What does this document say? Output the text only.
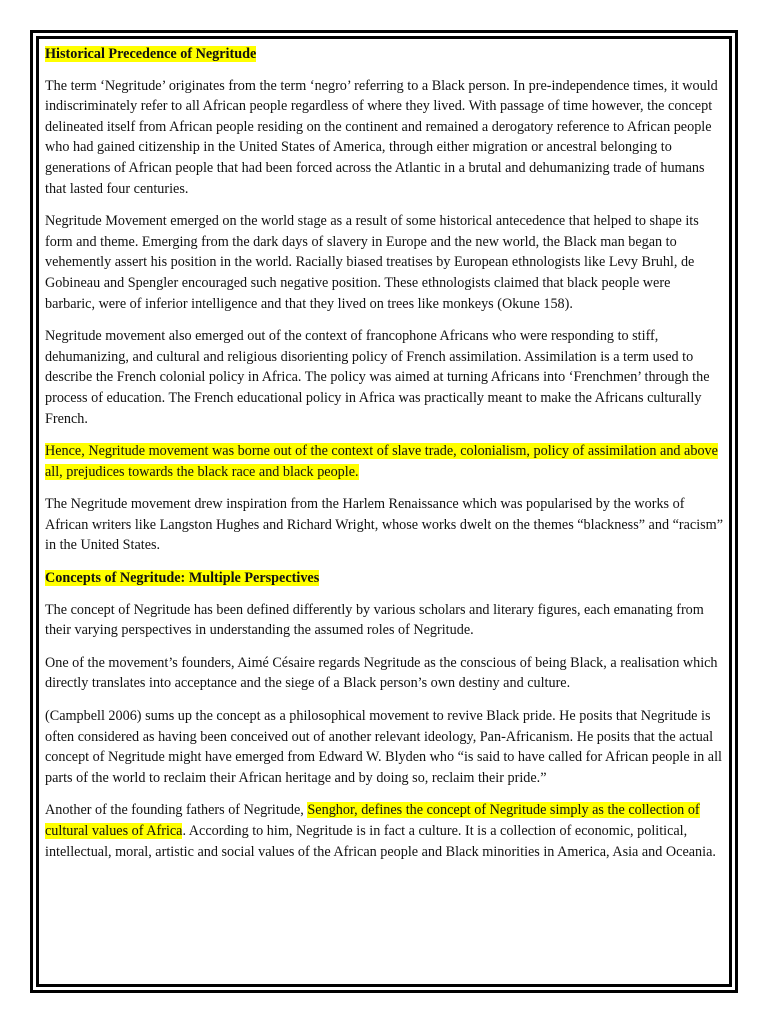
Historical Precedence of Negritude

The term ‘Negritude’ originates from the term ‘negro’ referring to a Black person. In pre-independence times, it would indiscriminately refer to all African people regardless of where they lived. With passage of time however, the concept delineated itself from African people residing on the continent and remained a derogatory reference to African people who had gained citizenship in the United States of America, through either migration or ancestral belonging to generations of African people that had been forced across the Atlantic in a brutal and dehumanizing trade of humans that lasted four centuries.

Negritude Movement emerged on the world stage as a result of some historical antecedence that helped to shape its form and theme. Emerging from the dark days of slavery in Europe and the new world, the Black man began to vehemently assert his position in the world. Racially biased treatises by European ethnologists like Levy Bruhl, de Gobineau and Spengler encouraged such negative position. These ethnologists claimed that black people were barbaric, were of inferior intelligence and that they lived on trees like monkeys (Okune 158).

Negritude movement also emerged out of the context of francophone Africans who were responding to stiff, dehumanizing, and cultural and religious disorienting policy of French assimilation. Assimilation is a term used to describe the French colonial policy in Africa. The policy was aimed at turning Africans into ‘Frenchmen’ through the process of education. The French educational policy in Africa was practically meant to make the Africans culturally French.

Hence, Negritude movement was borne out of the context of slave trade, colonialism, policy of assimilation and above all, prejudices towards the black race and black people.

The Negritude movement drew inspiration from the Harlem Renaissance which was popularised by the works of African writers like Langston Hughes and Richard Wright, whose works dwelt on the themes “blackness” and “racism” in the United States.

Concepts of Negritude: Multiple Perspectives

The concept of Negritude has been defined differently by various scholars and literary figures, each emanating from their varying perspectives in understanding the assumed roles of Negritude.

One of the movement’s founders, Aimé Césaire regards Negritude as the conscious of being Black, a realisation which directly translates into acceptance and the siege of a Black person’s own destiny and culture.

(Campbell 2006) sums up the concept as a philosophical movement to revive Black pride. He posits that Negritude is often considered as having been conceived out of another relevant ideology, Pan-Africanism. He posits that the actual concept of Negritude might have emerged from Edward W. Blyden who “is said to have called for African people in all parts of the world to reclaim their African heritage and by doing so, reclaim their pride.”

Another of the founding fathers of Negritude, Senghor, defines the concept of Negritude simply as the collection of cultural values of Africa. According to him, Negritude is in fact a culture. It is a collection of economic, political, intellectual, moral, artistic and social values of the African people and Black minorities in America, Asia and Oceania.
